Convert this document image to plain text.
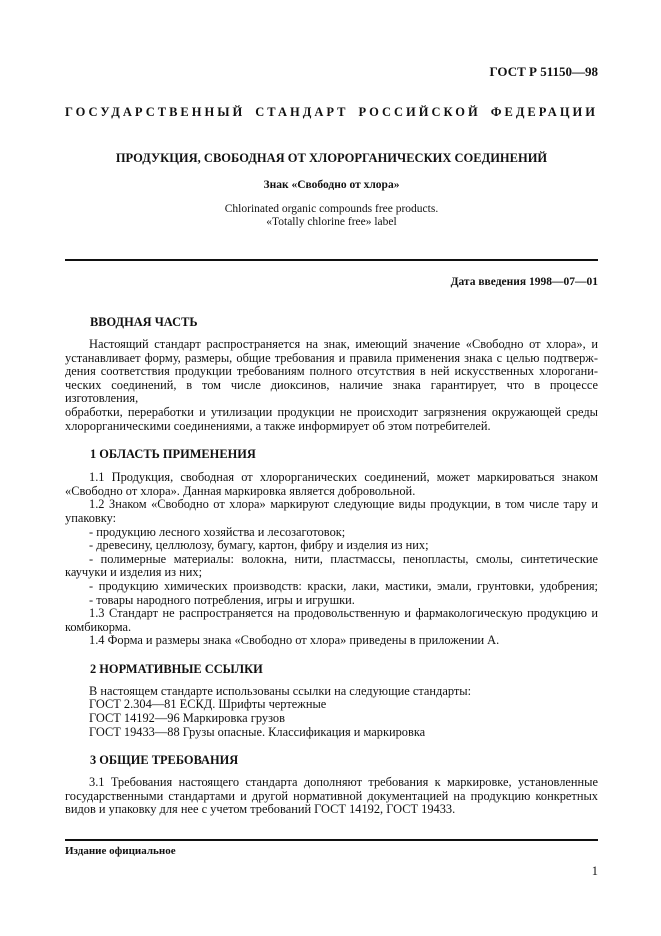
ГОСТ Р 51150—98
ГОСУДАРСТВЕННЫЙ СТАНДАРТ РОССИЙСКОЙ ФЕДЕРАЦИИ
ПРОДУКЦИЯ, СВОБОДНАЯ ОТ ХЛОРОРГАНИЧЕСКИХ СОЕДИНЕНИЙ
Знак «Свободно от хлора»
Chlorinated organic compounds free products.
«Totally chlorine free» label
Дата введения 1998—07—01
ВВОДНАЯ ЧАСТЬ
Настоящий стандарт распространяется на знак, имеющий значение «Свободно от хлора», и
устанавливает форму, размеры, общие требования и правила применения знака с целью подтверж-
дения соответствия продукции требованиям полного отсутствия в ней искусственных хлорогани-
ческих соединений, в том числе диоксинов, наличие знака гарантирует, что в процессе изготовления,
обработки, переработки и утилизации продукции не происходит загрязнения окружающей среды
хлорорганическими соединениями, а также информирует об этом потребителей.
1 ОБЛАСТЬ ПРИМЕНЕНИЯ
1.1 Продукция, свободная от хлорорганических соединений, может маркироваться знаком
«Свободно от хлора». Данная маркировка является добровольной.
1.2 Знаком «Свободно от хлора» маркируют следующие виды продукции, в том числе тару и
упаковку:
- продукцию лесного хозяйства и лесозаготовок;
- древесину, целлюлозу, бумагу, картон, фибру и изделия из них;
- полимерные материалы: волокна, нити, пластмассы, пенопласты, смолы, синтетические
каучуки и изделия из них;
- продукцию химических производств: краски, лаки, мастики, эмали, грунтовки, удобрения;
- товары народного потребления, игры и игрушки.
1.3 Стандарт не распространяется на продовольственную и фармакологическую продукцию и
комбикорма.
1.4 Форма и размеры знака «Свободно от хлора» приведены в приложении А.
2 НОРМАТИВНЫЕ ССЫЛКИ
В настоящем стандарте использованы ссылки на следующие стандарты:
ГОСТ 2.304—81 ЕСКД. Шрифты чертежные
ГОСТ 14192—96 Маркировка грузов
ГОСТ 19433—88 Грузы опасные. Классификация и маркировка
3 ОБЩИЕ ТРЕБОВАНИЯ
3.1 Требования настоящего стандарта дополняют требования к маркировке, установленные
государственными стандартами и другой нормативной документацией на продукцию конкретных
видов и упаковку для нее с учетом требований ГОСТ 14192, ГОСТ 19433.
Издание официальное
1
